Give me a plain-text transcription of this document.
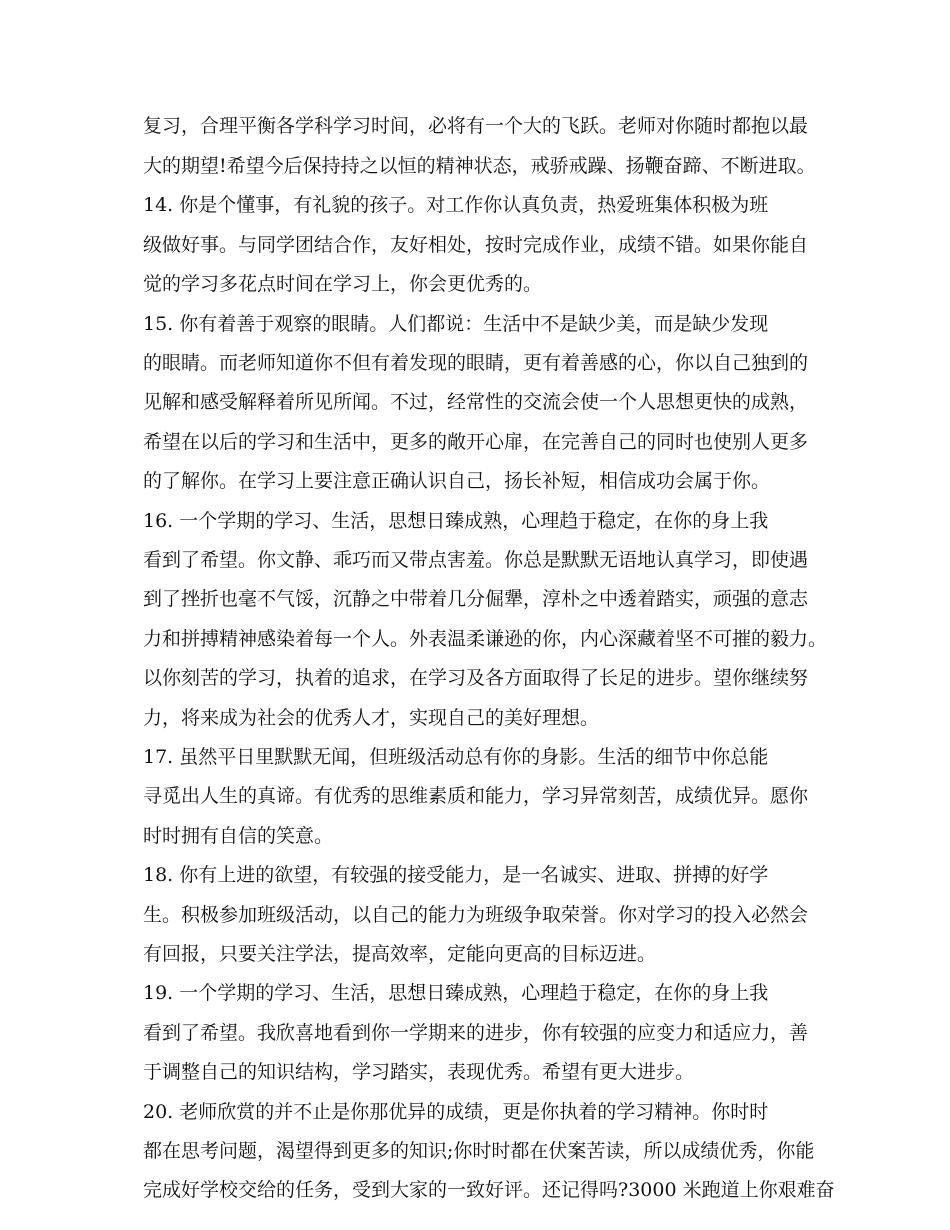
复习，合理平衡各学科学习时间，必将有一个大的飞跃。老师对你随时都抱以最
大的期望!希望今后保持持之以恒的精神状态，戒骄戒躁、扬鞭奋蹄、不断进取。
14. 你是个懂事，有礼貌的孩子。对工作你认真负责，热爱班集体积极为班
级做好事。与同学团结合作，友好相处，按时完成作业，成绩不错。如果你能自
觉的学习多花点时间在学习上，你会更优秀的。
15. 你有着善于观察的眼睛。人们都说：生活中不是缺少美，而是缺少发现
的眼睛。而老师知道你不但有着发现的眼睛，更有着善感的心，你以自己独到的
见解和感受解释着所见所闻。不过，经常性的交流会使一个人思想更快的成熟，
希望在以后的学习和生活中，更多的敞开心扉，在完善自己的同时也使别人更多
的了解你。在学习上要注意正确认识自己，扬长补短，相信成功会属于你。
16. 一个学期的学习、生活，思想日臻成熟，心理趋于稳定，在你的身上我
看到了希望。你文静、乖巧而又带点害羞。你总是默默无语地认真学习，即使遇
到了挫折也毫不气馁，沉静之中带着几分倔犟，淳朴之中透着踏实，顽强的意志
力和拼搏精神感染着每一个人。外表温柔谦逊的你，内心深藏着坚不可摧的毅力。
以你刻苦的学习，执着的追求，在学习及各方面取得了长足的进步。望你继续努
力，将来成为社会的优秀人才，实现自己的美好理想。
17. 虽然平日里默默无闻，但班级活动总有你的身影。生活的细节中你总能
寻觅出人生的真谛。有优秀的思维素质和能力，学习异常刻苦，成绩优异。愿你
时时拥有自信的笑意。
18. 你有上进的欲望，有较强的接受能力，是一名诚实、进取、拼搏的好学
生。积极参加班级活动，以自己的能力为班级争取荣誉。你对学习的投入必然会
有回报，只要关注学法，提高效率，定能向更高的目标迈进。
19. 一个学期的学习、生活，思想日臻成熟，心理趋于稳定，在你的身上我
看到了希望。我欣喜地看到你一学期来的进步，你有较强的应变力和适应力，善
于调整自己的知识结构，学习踏实，表现优秀。希望有更大进步。
20. 老师欣赏的并不止是你那优异的成绩，更是你执着的学习精神。你时时
都在思考问题，渴望得到更多的知识;你时时都在伏案苦读，所以成绩优秀，你能
完成好学校交给的任务，受到大家的一致好评。还记得吗?3000 米跑道上你艰难奋
